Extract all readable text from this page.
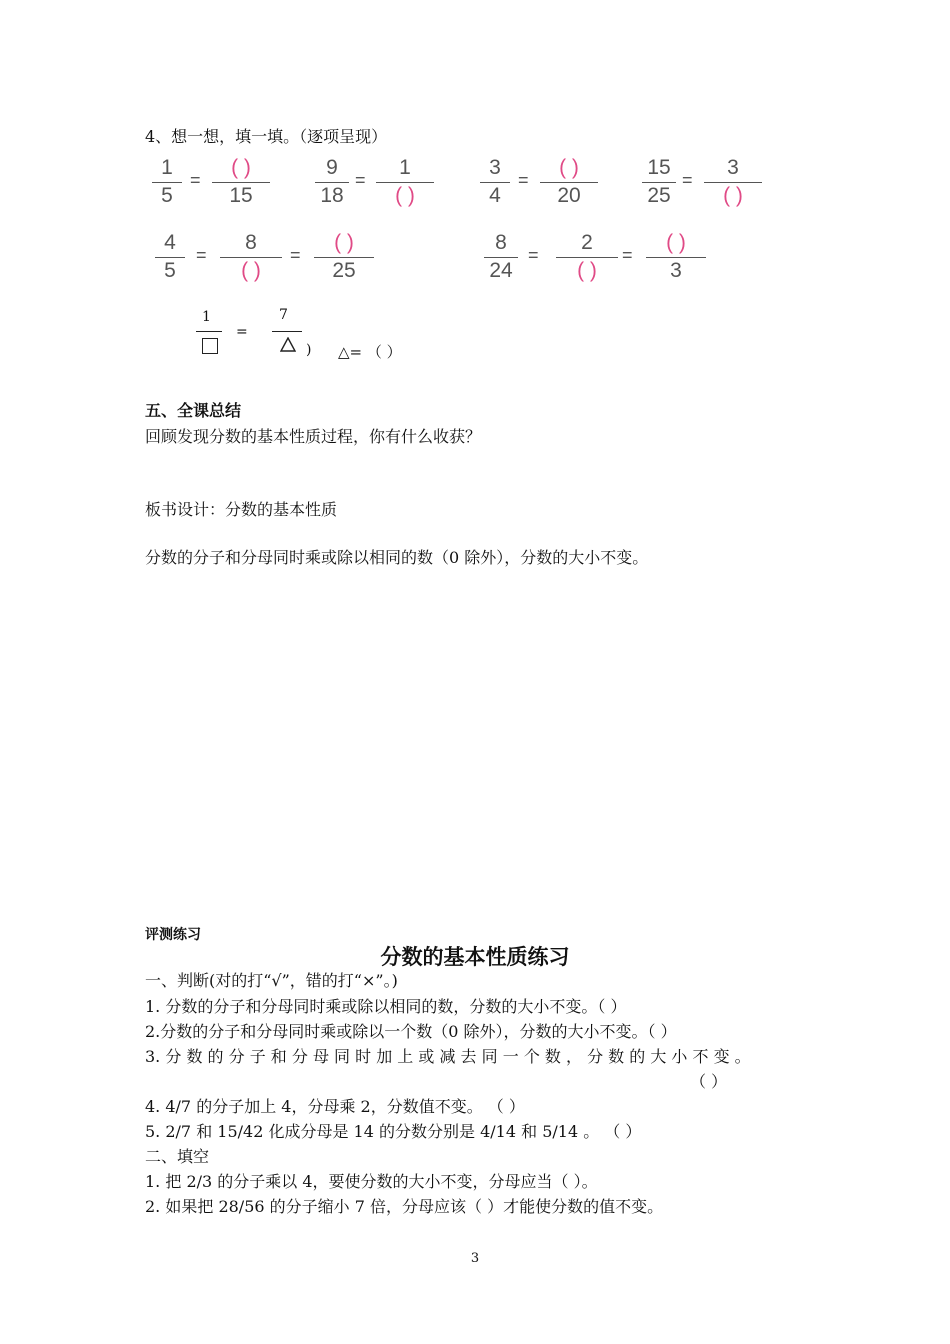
4、想一想，填一填。（逐项呈现）
1
5
=
( )
15
9
18
=
1
( )
3
4
=
( )
20
15
25
=
3
( )
4
5
=
8
( )
=
( )
25
8
24
=
2
( )
=
( )
3
1
=
7
) △= （ ）
五、全课总结
回顾发现分数的基本性质过程，你有什么收获？
板书设计：分数的基本性质
分数的分子和分母同时乘或除以相同的数（0 除外），分数的大小不变。
评测练习
分数的基本性质练习
一、判断(对的打“√”，错的打“×”。)
1. 分数的分子和分母同时乘或除以相同的数，分数的大小不变。（ ）
2.分数的分子和分母同时乘或除以一个数（0 除外），分数的大小不变。（ ）
3. 分 数 的 分 子 和 分 母 同 时 加 上 或 减 去 同 一 个 数 ， 分 数 的 大 小 不 变 。
（ ）
4. 4/7 的分子加上 4，分母乘 2，分数值不变。 （ ）
5. 2/7 和 15/42 化成分母是 14 的分数分别是 4/14 和 5/14 。 （ ）
二、填空
1. 把 2/3 的分子乘以 4，要使分数的大小不变，分母应当（ ）。
2. 如果把 28/56 的分子缩小 7 倍，分母应该（ ）才能使分数的值不变。
3
